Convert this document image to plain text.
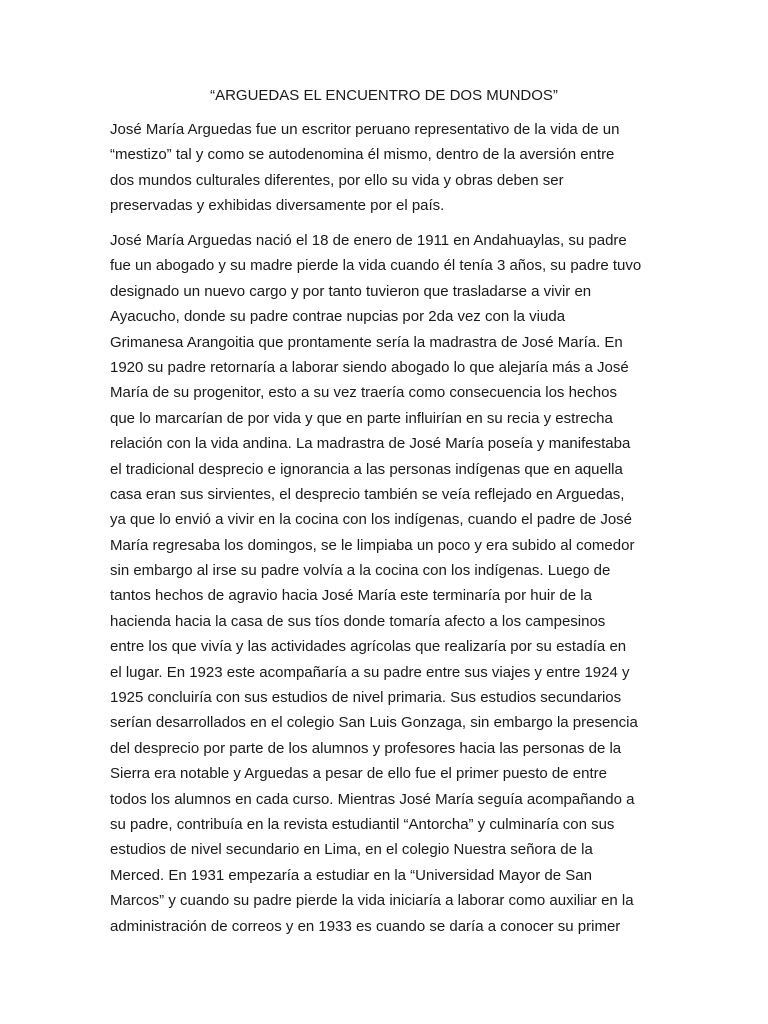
“ARGUEDAS EL ENCUENTRO DE DOS MUNDOS”

José María Arguedas fue un escritor peruano representativo de la vida de un
“mestizo” tal y como se autodenomina él mismo, dentro de la aversión entre
dos mundos culturales diferentes, por ello su vida y obras deben ser
preservadas y exhibidas diversamente por el país.

José María Arguedas nació el 18 de enero de 1911 en Andahuaylas, su padre
fue un abogado y su madre pierde la vida cuando él tenía 3 años, su padre tuvo
designado un nuevo cargo y por tanto tuvieron que trasladarse a vivir en
Ayacucho, donde su padre contrae nupcias por 2da vez con la viuda
Grimanesa Arangoitia que prontamente sería la madrastra de José María. En
1920 su padre retornaría a laborar siendo abogado lo que alejaría más a José
María de su progenitor, esto a su vez traería como consecuencia los hechos
que lo marcarían de por vida y que en parte influirían en su recia y estrecha
relación con la vida andina. La madrastra de José María poseía y manifestaba
el tradicional desprecio e ignorancia a las personas indígenas que en aquella
casa eran sus sirvientes, el desprecio también se veía reflejado en Arguedas,
ya que lo envió a vivir en la cocina con los indígenas, cuando el padre de José
María regresaba los domingos, se le limpiaba un poco y era subido al comedor
sin embargo al irse su padre volvía a la cocina con los indígenas. Luego de
tantos hechos de agravio hacia José María este terminaría por huir de la
hacienda hacia la casa de sus tíos donde tomaría afecto a los campesinos
entre los que vivía y las actividades agrícolas que realizaría por su estadía en
el lugar. En 1923 este acompañaría a su padre entre sus viajes y entre 1924 y
1925 concluiría con sus estudios de nivel primaria. Sus estudios secundarios
serían desarrollados en el colegio San Luis Gonzaga, sin embargo la presencia
del desprecio por parte de los alumnos y profesores hacia las personas de la
Sierra era notable y Arguedas a pesar de ello fue el primer puesto de entre
todos los alumnos en cada curso. Mientras José María seguía acompañando a
su padre, contribuía en la revista estudiantil “Antorcha” y culminaría con sus
estudios de nivel secundario en Lima, en el colegio Nuestra señora de la
Merced. En 1931 empezaría a estudiar en la “Universidad Mayor de San
Marcos” y cuando su padre pierde la vida iniciaría a laborar como auxiliar en la
administración de correos y en 1933 es cuando se daría a conocer su primer
